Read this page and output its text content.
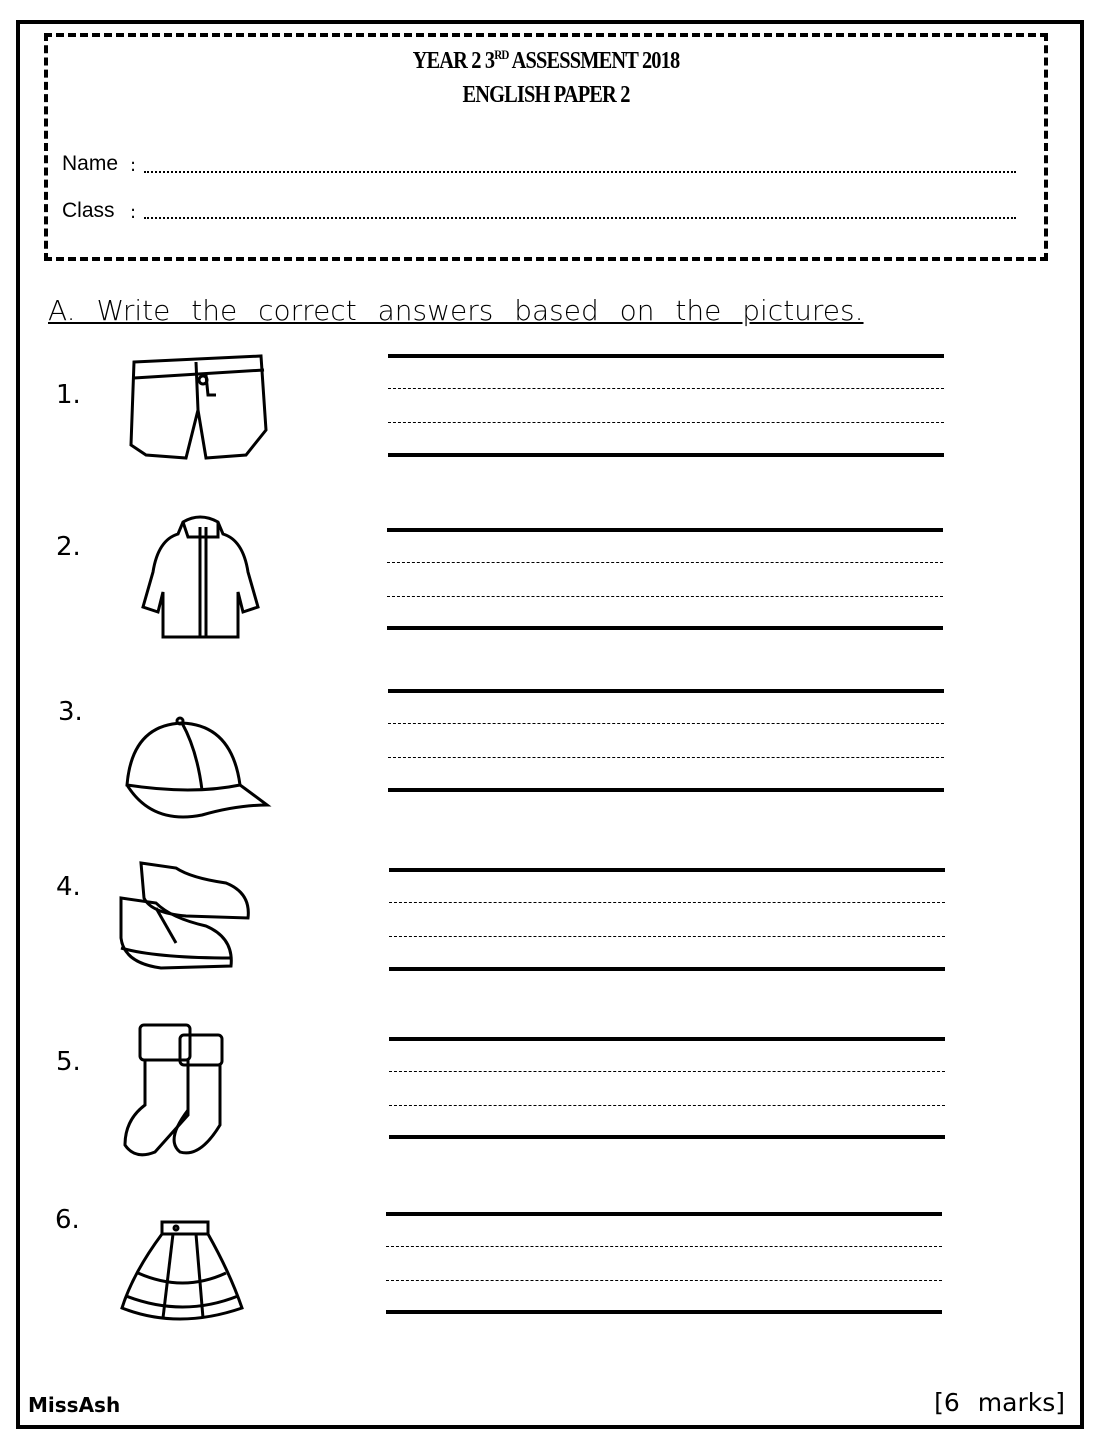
YEAR 2 3RD ASSESSMENT 2018
ENGLISH PAPER 2
Name :
Class :
A. Write the correct answers based on the pictures.
1.
2.
3.
4.
5.
6.
MissAsh	[6 marks]
